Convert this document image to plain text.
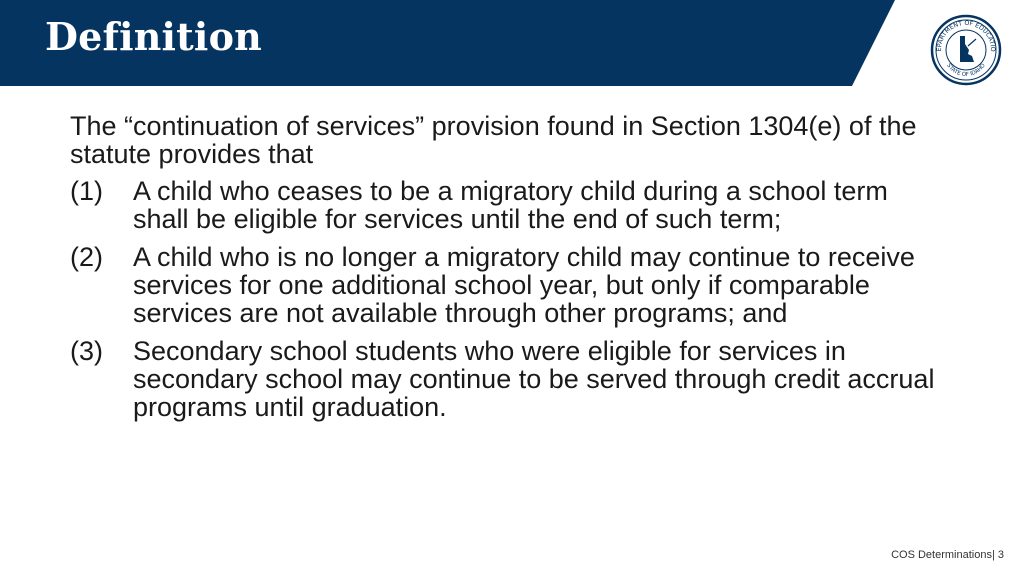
Definition	EPARTMENT OF EDUCATIO
STATE OF IDAHO

The “continuation of services” provision found in Section 1304(e) of the statute provides that

(1)	A child who ceases to be a migratory child during a school term shall be eligible for services until the end of such term;
(2)	A child who is no longer a migratory child may continue to receive services for one additional school year, but only if comparable services are not available through other programs; and
(3)	Secondary school students who were eligible for services in secondary school may continue to be served through credit accrual programs until graduation.
COS Determinations| 3
